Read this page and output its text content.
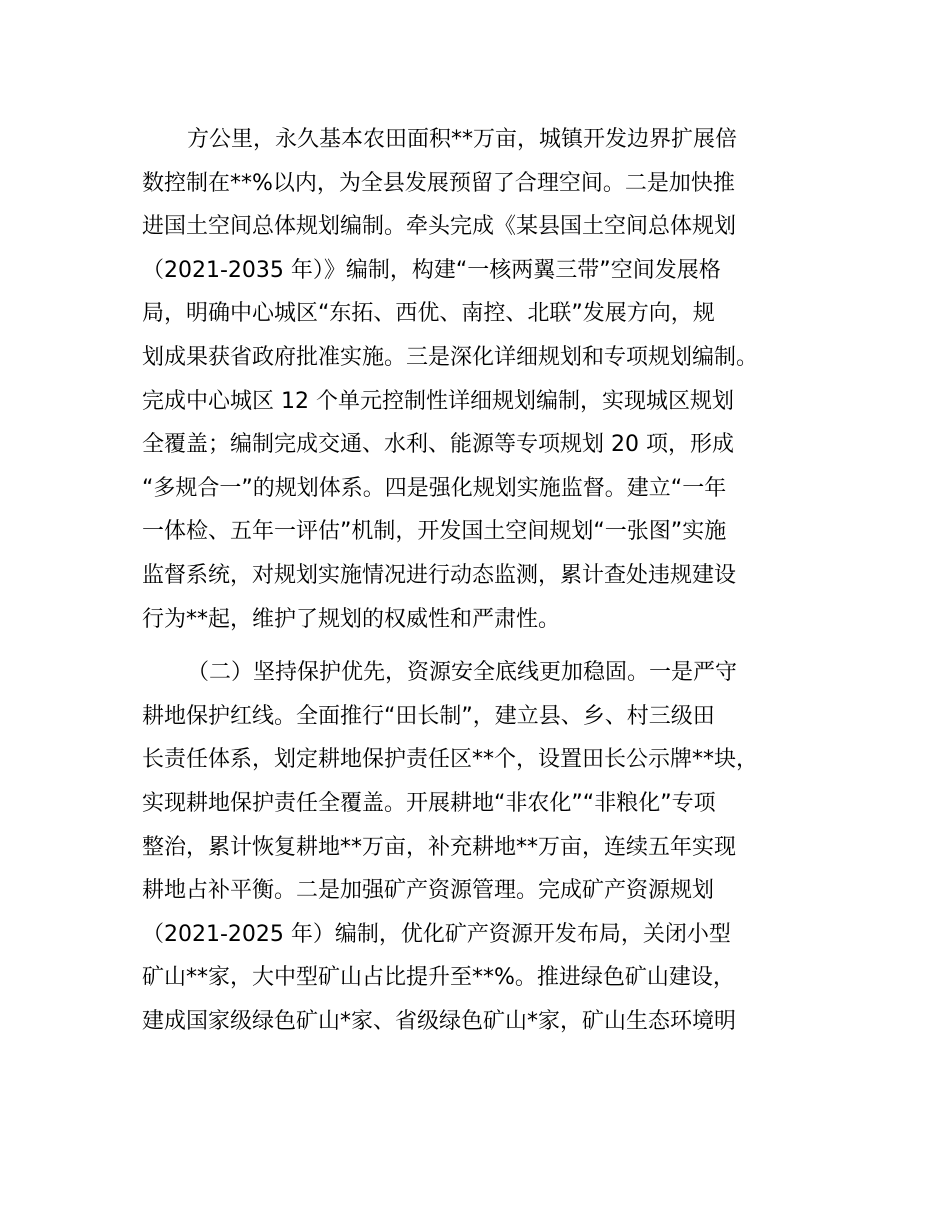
方公里，永久基本农田面积**万亩，城镇开发边界扩展倍
数控制在**%以内，为全县发展预留了合理空间。二是加快推
进国土空间总体规划编制。牵头完成《某县国土空间总体规划
（2021-2035 年）》编制，构建“一核两翼三带”空间发展格
局，明确中心城区“东拓、西优、南控、北联”发展方向，规
划成果获省政府批准实施。三是深化详细规划和专项规划编制。
完成中心城区 12 个单元控制性详细规划编制，实现城区规划
全覆盖；编制完成交通、水利、能源等专项规划 20 项，形成
“多规合一”的规划体系。四是强化规划实施监督。建立“一年
一体检、五年一评估”机制，开发国土空间规划“一张图”实施
监督系统，对规划实施情况进行动态监测，累计查处违规建设
行为**起，维护了规划的权威性和严肃性。
（二）坚持保护优先，资源安全底线更加稳固。一是严守
耕地保护红线。全面推行“田长制”，建立县、乡、村三级田
长责任体系，划定耕地保护责任区**个，设置田长公示牌**块，
实现耕地保护责任全覆盖。开展耕地“非农化”“非粮化”专项
整治，累计恢复耕地**万亩，补充耕地**万亩，连续五年实现
耕地占补平衡。二是加强矿产资源管理。完成矿产资源规划
（2021-2025 年）编制，优化矿产资源开发布局，关闭小型
矿山**家，大中型矿山占比提升至**%。推进绿色矿山建设，
建成国家级绿色矿山*家、省级绿色矿山*家，矿山生态环境明
